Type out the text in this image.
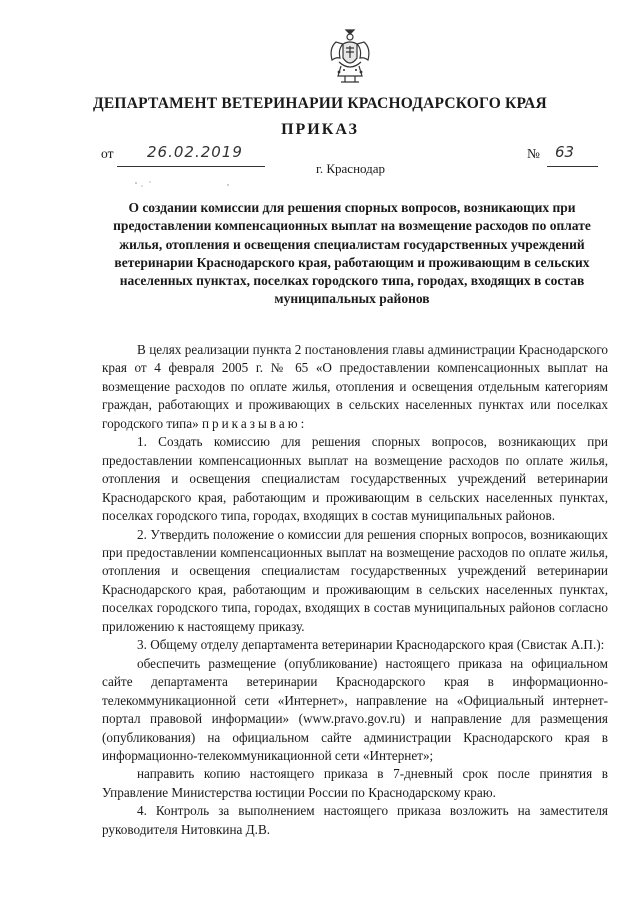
ДЕПАРТАМЕНТ ВЕТЕРИНАРИИ КРАСНОДАРСКОГО КРАЯ
ПРИКАЗ
от 26.02.2019
г. Краснодар
№ 63
О создании комиссии для решения спорных вопросов, возникающих при предоставлении компенсационных выплат на возмещение расходов по оплате жилья, отопления и освещения специалистам государственных учреждений ветеринарии Краснодарского края, работающим и проживающим в сельских населенных пунктах, поселках городского типа, городах, входящих в состав муниципальных районов

В целях реализации пункта 2 постановления главы администрации Краснодарского края от 4 февраля 2005 г. № 65 «О предоставлении компенсационных выплат на возмещение расходов по оплате жилья, отопления и освещения отдельным категориям граждан, работающих и проживающих в сельских населенных пунктах или поселках городского типа» приказываю:

1. Создать комиссию для решения спорных вопросов, возникающих при предоставлении компенсационных выплат на возмещение расходов по оплате жилья, отопления и освещения специалистам государственных учреждений ветеринарии Краснодарского края, работающим и проживающим в сельских населенных пунктах, поселках городского типа, городах, входящих в состав муниципальных районов.

2. Утвердить положение о комиссии для решения спорных вопросов, возникающих при предоставлении компенсационных выплат на возмещение расходов по оплате жилья, отопления и освещения специалистам государственных учреждений ветеринарии Краснодарского края, работающим и проживающим в сельских населенных пунктах, поселках городского типа, городах, входящих в состав муниципальных районов согласно приложению к настоящему приказу.

3. Общему отделу департамента ветеринарии Краснодарского края (Свистак А.П.):

обеспечить размещение (опубликование) настоящего приказа на официальном сайте департамента ветеринарии Краснодарского края в информационно-телекоммуникационной сети «Интернет», направление на «Официальный интернет-портал правовой информации» (www.pravo.gov.ru) и направление для размещения (опубликования) на официальном сайте администрации Краснодарского края в информационно-телекоммуникационной сети «Интернет»;

направить копию настоящего приказа в 7-дневный срок после принятия в Управление Министерства юстиции России по Краснодарскому краю.

4. Контроль за выполнением настоящего приказа возложить на заместителя руководителя Нитовкина Д.В.
